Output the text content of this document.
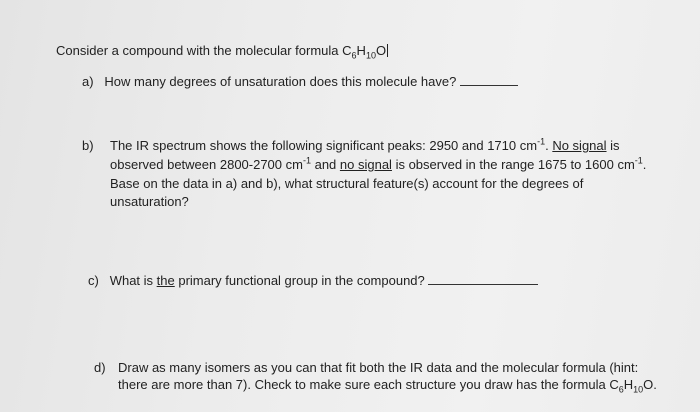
Consider a compound with the molecular formula $C_6H_{10}O$
a) How many degrees of unsaturation does this molecule have?
b) The IR spectrum shows the following significant peaks: 2950 and 1710 $cm^{-1}$. No signal is
observed between 2800-2700 $cm^{-1}$ and no signal is observed in the range 1675 to 1600 $cm^{-1}$.
Base on the data in a) and b), what structural feature(s) account for the degrees of
unsaturation?
c) What is the primary functional group in the compound?
d) Draw as many isomers as you can that fit both the IR data and the molecular formula (hint:
there are more than 7). Check to make sure each structure you draw has the formula $C_6H_{10}O$.
